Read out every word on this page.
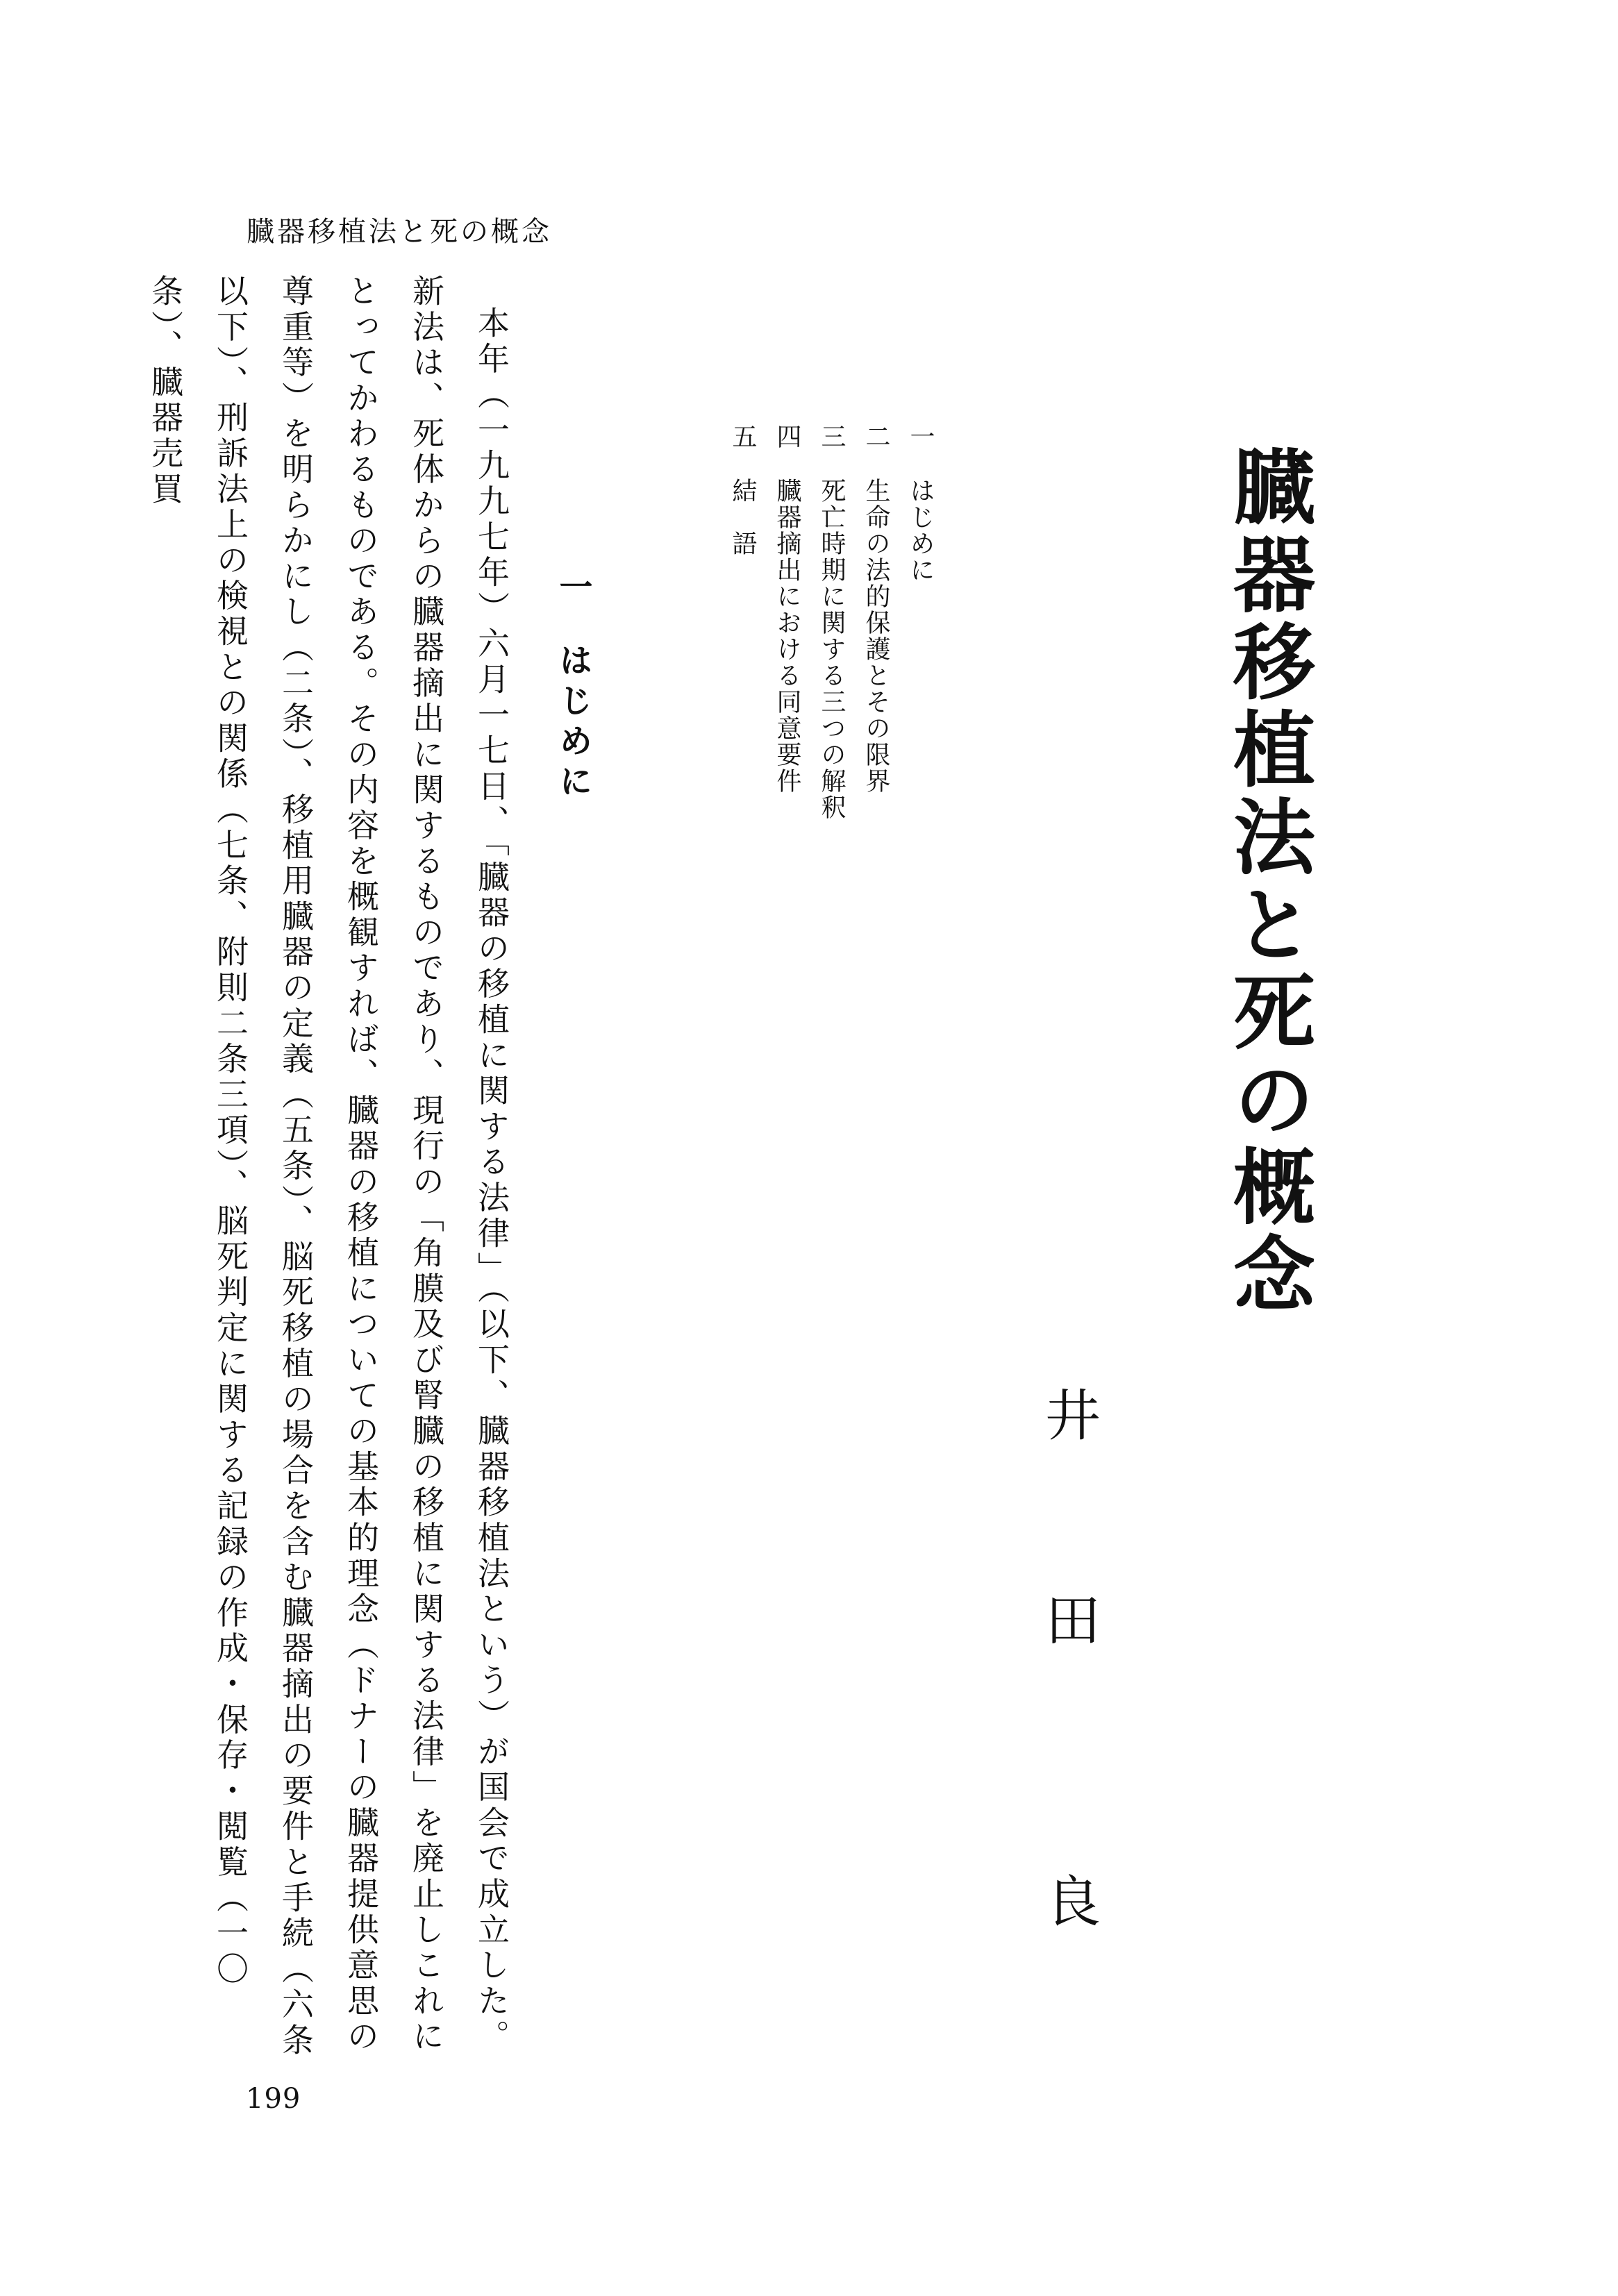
臓器移植法と死の概念
臓器移植法と死の概念
井
田
良
一はじめに
二生命の法的保護とその限界
三死亡時期に関する三つの解釈
四臓器摘出における同意要件
五結　語
一はじめに

本年（一九九七年）六月一七日、「臓器の移植に関する法律」（以下、臓器移植法という）が国会で成立した。新法は、死体からの臓器摘出に関するものであり、現行の「角膜及び腎臓の移植に関する法律」を廃止しこれにとってかわるものである。その内容を概観すれば、臓器の移植についての基本的理念（ドナーの臓器提供意思の尊重等）を明らかにし（二条）、移植用臓器の定義（五条）、脳死移植の場合を含む臓器摘出の要件と手続（六条以下）、刑訴法上の検視との関係（七条、附則二条三項）、脳死判定に関する記録の作成・保存・閲覧（一〇条）、臓器売買

199
